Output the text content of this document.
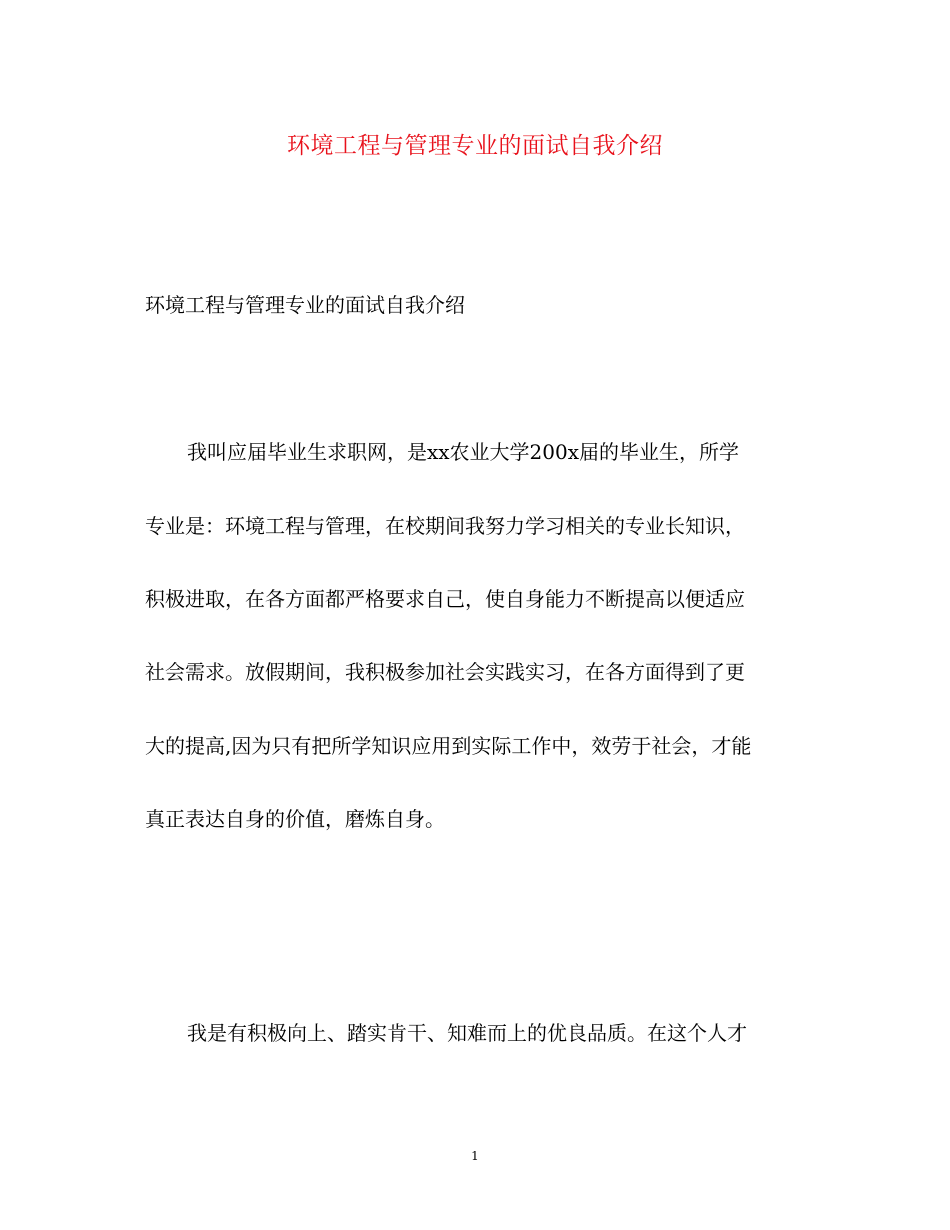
环境工程与管理专业的面试自我介绍
环境工程与管理专业的面试自我介绍
我叫应届毕业生求职网，是xx农业大学200x届的毕业生，所学
专业是：环境工程与管理，在校期间我努力学习相关的专业长知识，
积极进取，在各方面都严格要求自己，使自身能力不断提高以便适应
社会需求。放假期间，我积极参加社会实践实习，在各方面得到了更
大的提高,因为只有把所学知识应用到实际工作中，效劳于社会，才能
真正表达自身的价值，磨炼自身。
我是有积极向上、踏实肯干、知难而上的优良品质。在这个人才
1
